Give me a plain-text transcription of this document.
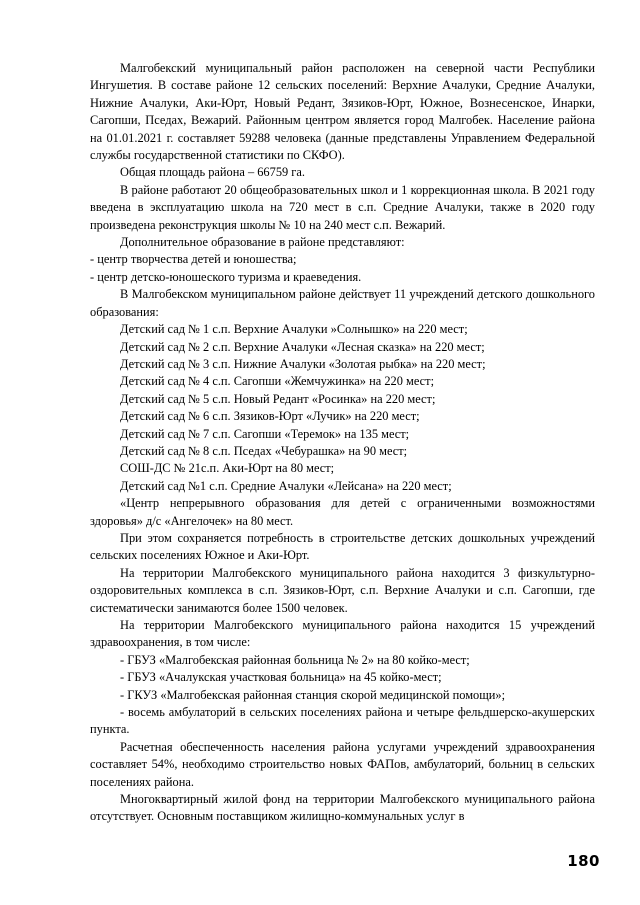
Малгобекский муниципальный район расположен на северной части Республики Ингушетия. В составе районе 12 сельских поселений: Верхние Ачалуки, Средние Ачалуки, Нижние Ачалуки, Аки-Юрт, Новый Редант, Зязиков-Юрт, Южное, Вознесенское, Инарки, Сагопши, Пседах, Вежарий. Районным центром является город Малгобек. Население района на 01.01.2021 г. составляет 59288 человека (данные представлены Управлением Федеральной службы государственной статистики по СКФО).

Общая площадь района – 66759 га.

В районе работают 20 общеобразовательных школ и 1 коррекционная школа. В 2021 году введена в эксплуатацию школа на 720 мест в с.п. Средние Ачалуки, также в 2020 году произведена реконструкция школы № 10 на 240 мест с.п. Вежарий.

Дополнительное образование в районе представляют:

- центр творчества детей и юношества;

- центр детско-юношеского туризма и краеведения.

В Малгобекском муниципальном районе действует 11 учреждений детского дошкольного образования:

Детский сад № 1 с.п. Верхние Ачалуки »Солнышко» на 220 мест;

Детский сад № 2 с.п. Верхние Ачалуки «Лесная сказка» на 220 мест;

Детский сад № 3 с.п. Нижние Ачалуки «Золотая рыбка» на 220 мест;

Детский сад № 4 с.п. Сагопши «Жемчужинка» на 220 мест;

Детский сад № 5 с.п. Новый Редант «Росинка» на 220 мест;

Детский сад № 6 с.п. Зязиков-Юрт «Лучик» на 220 мест;

Детский сад № 7 с.п. Сагопши «Теремок» на 135 мест;

Детский сад № 8 с.п. Пседах «Чебурашка» на 90 мест;

СОШ-ДС № 21с.п. Аки-Юрт на 80 мест;

Детский сад №1 с.п. Средние Ачалуки «Лейсана» на 220 мест;

«Центр непрерывного образования для детей с ограниченными возможностями здоровья» д/с «Ангелочек» на 80 мест.

При этом сохраняется потребность в строительстве детских дошкольных учреждений сельских поселениях Южное и Аки-Юрт.

На территории Малгобекского муниципального района находится 3 физкультурно-оздоровительных комплекса в с.п. Зязиков-Юрт, с.п. Верхние Ачалуки и с.п. Сагопши, где систематически занимаются более 1500 человек.

На территории Малгобекского муниципального района находится 15 учреждений здравоохранения, в том числе:

- ГБУЗ «Малгобекская районная больница № 2» на 80 койко-мест;

- ГБУЗ «Ачалукская участковая больница» на 45 койко-мест;

- ГКУЗ «Малгобекская районная станция скорой медицинской помощи»;

- восемь амбулаторий в сельских поселениях района и четыре фельдшерско-акушерских пункта.

Расчетная обеспеченность населения района услугами учреждений здравоохранения составляет 54%, необходимо строительство новых ФАПов, амбулаторий, больниц в сельских поселениях района.

Многоквартирный жилой фонд на территории Малгобекского муниципального района отсутствует. Основным поставщиком жилищно-коммунальных услуг в

180
